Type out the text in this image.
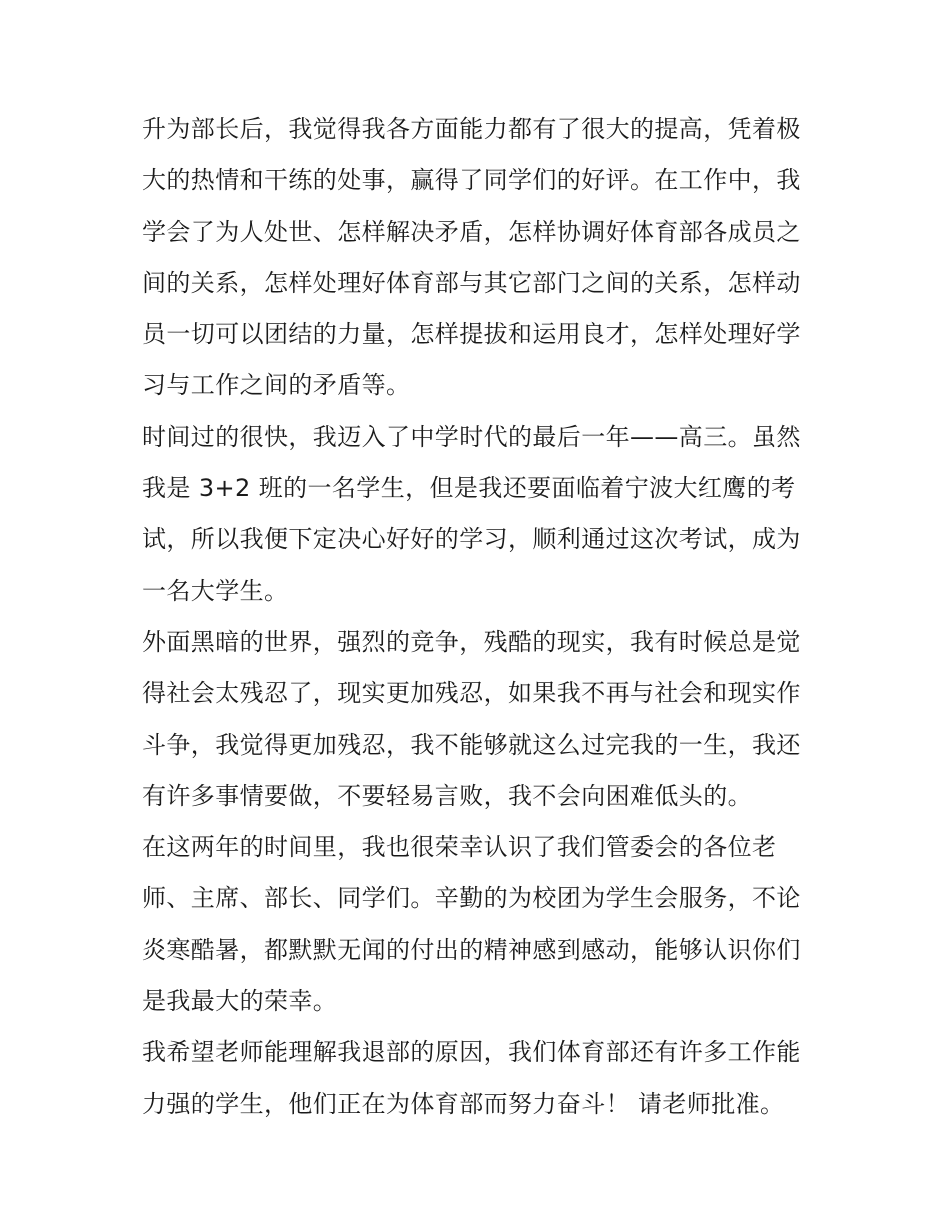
升为部长后，我觉得我各方面能力都有了很大的提高，凭着极
大的热情和干练的处事，赢得了同学们的好评。在工作中，我
学会了为人处世、怎样解决矛盾，怎样协调好体育部各成员之
间的关系，怎样处理好体育部与其它部门之间的关系，怎样动
员一切可以团结的力量，怎样提拔和运用良才，怎样处理好学
习与工作之间的矛盾等。

时间过的很快，我迈入了中学时代的最后一年——高三。虽然
我是 3+2 班的一名学生，但是我还要面临着宁波大红鹰的考
试，所以我便下定决心好好的学习，顺利通过这次考试，成为
一名大学生。

外面黑暗的世界，强烈的竞争，残酷的现实，我有时候总是觉
得社会太残忍了，现实更加残忍，如果我不再与社会和现实作
斗争，我觉得更加残忍，我不能够就这么过完我的一生，我还
有许多事情要做，不要轻易言败，我不会向困难低头的。

在这两年的时间里，我也很荣幸认识了我们管委会的各位老
师、主席、部长、同学们。辛勤的为校团为学生会服务，不论
炎寒酷暑，都默默无闻的付出的精神感到感动，能够认识你们
是我最大的荣幸。

我希望老师能理解我退部的原因，我们体育部还有许多工作能
力强的学生，他们正在为体育部而努力奋斗！ 请老师批准。
